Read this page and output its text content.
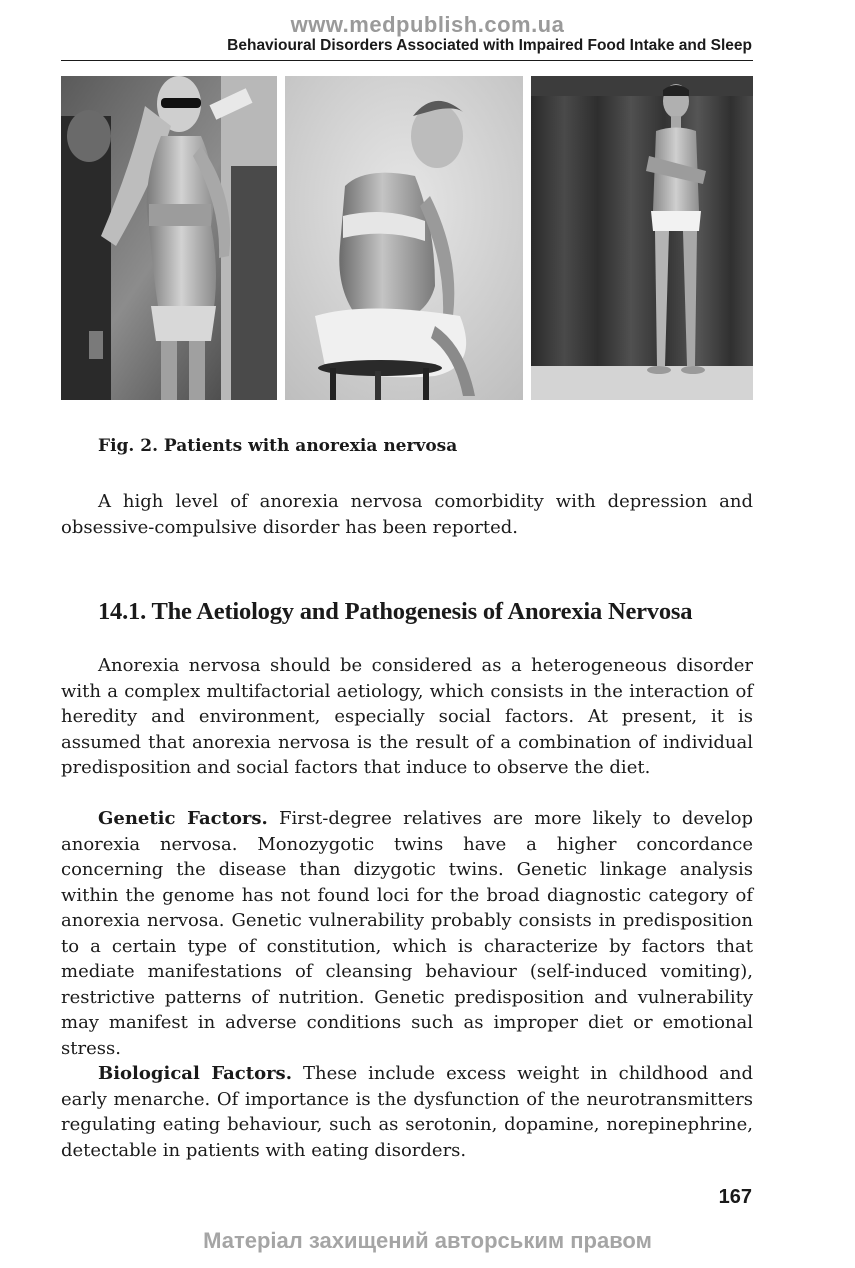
www.medpublish.com.ua
Behavioural Disorders Associated with Impaired Food Intake and Sleep
Fig. 2. Patients with anorexia nervosa

A high level of anorexia nervosa comorbidity with depression and obsessive-compulsive disorder has been reported.

14.1. The Aetiology and Pathogenesis of Anorexia Nervosa

Anorexia nervosa should be considered as a heterogeneous disorder with a complex multifactorial aetiology, which consists in the interaction of heredity and environment, especially social factors. At present, it is assumed that anorexia nervosa is the result of a combination of individual predisposition and social factors that induce to observe the diet.

Genetic Factors. First-degree relatives are more likely to develop anorexia nervosa. Monozygotic twins have a higher concordance concerning the disease than dizygotic twins. Genetic linkage analysis within the genome has not found loci for the broad diagnostic category of anorexia nervosa. Genetic vulnerability probably consists in predisposition to a certain type of constitution, which is characterize by factors that mediate manifestations of cleansing behaviour (self-induced vomiting), restrictive patterns of nutrition. Genetic predisposition and vulnerability may manifest in adverse conditions such as improper diet or emotional stress.

Biological Factors. These include excess weight in childhood and early menarche. Of importance is the dysfunction of the neurotransmitters regulating eating behaviour, such as serotonin, dopamine, norepinephrine, detectable in patients with eating disorders.

167
Матеріал захищений авторським правом
